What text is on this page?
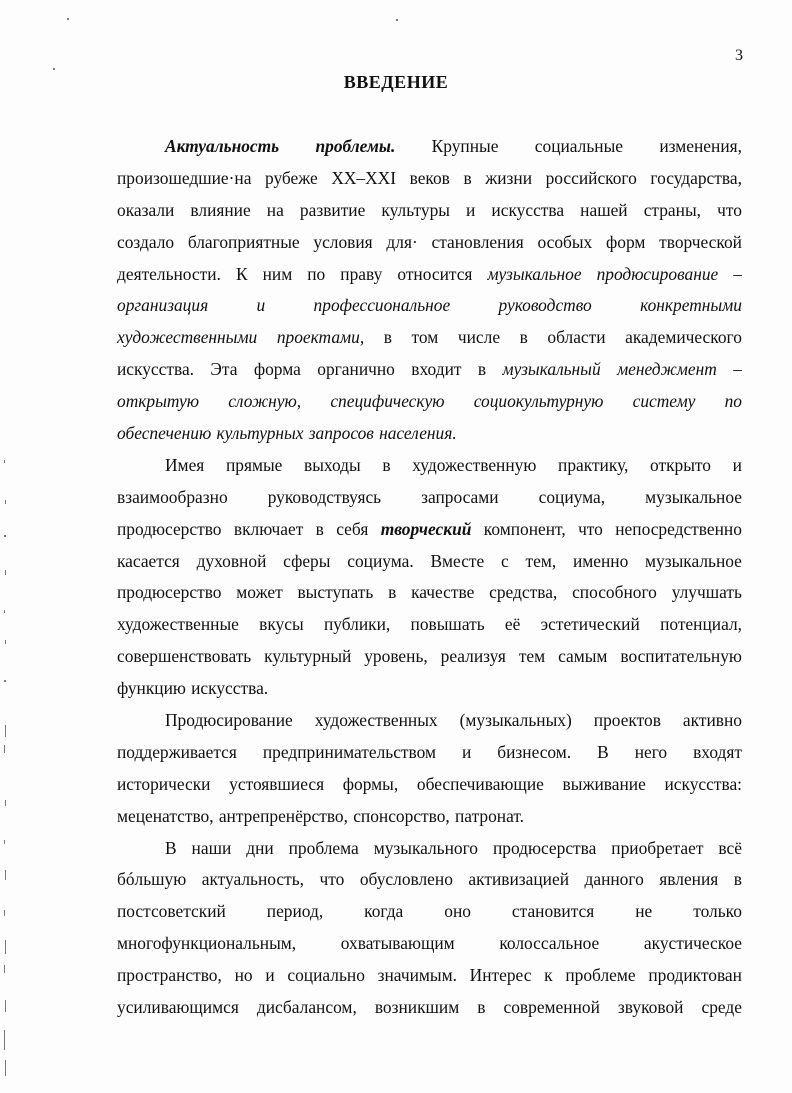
3
ВВЕДЕНИЕ
Актуальность проблемы. Крупные социальные изменения,
произошедшие·на рубеже XX–XXI веков в жизни российского государства,
оказали влияние на развитие культуры и искусства нашей страны, что
создало благоприятные условия для· становления особых форм творческой
деятельности. К ним по праву относится музыкальное продюсирование –
организация	и	профессиональное	руководство	конкретными
художественными проектами, в том числе в области академического
искусства. Эта форма органично входит в музыкальный менеджмент –
открытую сложную, специфическую социокультурную систему по
обеспечению культурных запросов населения.
Имея прямые выходы в художественную практику, открыто и
взаимообразно руководствуясь запросами социума, музыкальное
продюсерство включает в себя творческий компонент, что непосредственно
касается духовной сферы социума. Вместе с тем, именно музыкальное
продюсерство может выступать в качестве средства, способного улучшать
художественные вкусы публики, повышать её эстетический потенциал,
совершенствовать культурный уровень, реализуя тем самым воспитательную
функцию искусства.
Продюсирование художественных (музыкальных) проектов активно
поддерживается предпринимательством и бизнесом. В него входят
исторически устоявшиеся формы, обеспечивающие выживание искусства:
меценатство, антрепренёрство, спонсорство, патронат.
В наши дни проблема музыкального продюсерства приобретает всё
бóльшую актуальность, что обусловлено активизацией данного явления в
постсоветский период, когда оно становится не только
многофункциональным,	охватывающим	колоссальное	акустическое
пространство, но и социально значимым. Интерес к проблеме продиктован
усиливающимся дисбалансом, возникшим в современной звуковой среде
